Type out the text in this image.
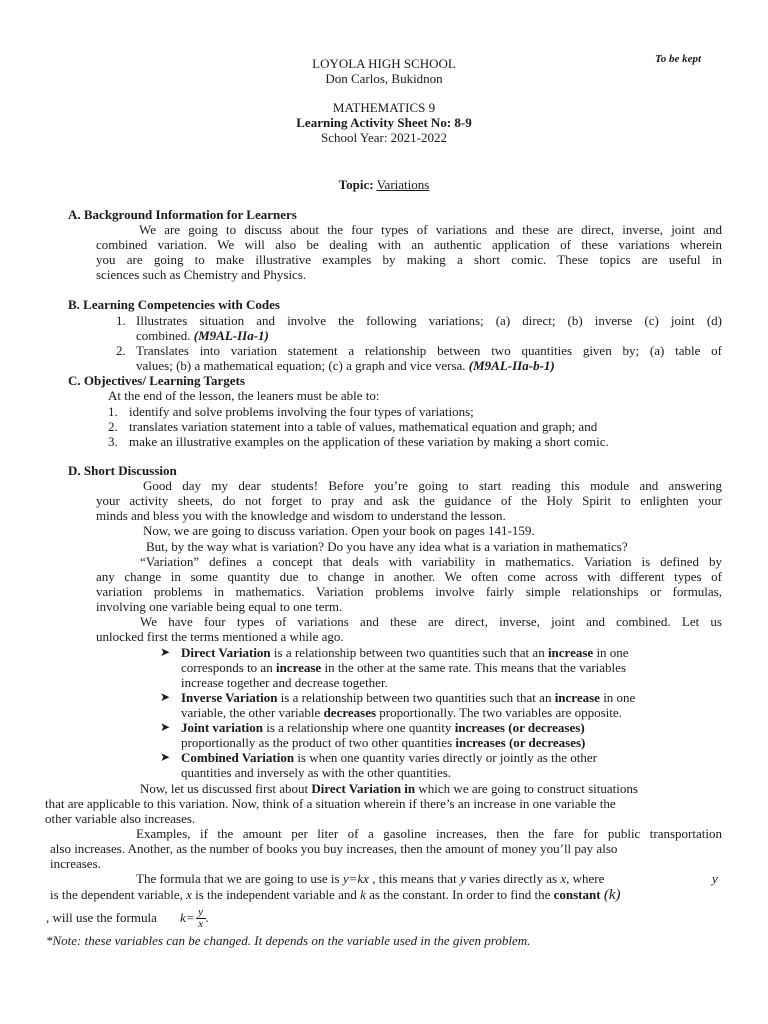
To be kept
LOYOLA HIGH SCHOOL
Don Carlos, Bukidnon
MATHEMATICS 9
Learning Activity Sheet No: 8-9
School Year: 2021-2022
Topic: Variations
A. Background Information for Learners
We are going to discuss about the four types of variations and these are direct, inverse, joint and
combined variation. We will also be dealing with an authentic application of these variations wherein
you are going to make illustrative examples by making a short comic. These topics are useful in
sciences such as Chemistry and Physics.
B. Learning Competencies with Codes
1. Illustrates situation and involve the following variations; (a) direct; (b) inverse (c) joint (d)
combined. (M9AL-IIa-1)
2. Translates into variation statement a relationship between two quantities given by; (a) table of
values; (b) a mathematical equation; (c) a graph and vice versa. (M9AL-IIa-b-1)
C. Objectives/ Learning Targets
At the end of the lesson, the leaners must be able to:
1. identify and solve problems involving the four types of variations;
2. translates variation statement into a table of values, mathematical equation and graph; and
3. make an illustrative examples on the application of these variation by making a short comic.
D. Short Discussion
Good day my dear students! Before you’re going to start reading this module and answering
your activity sheets, do not forget to pray and ask the guidance of the Holy Spirit to enlighten your
minds and bless you with the knowledge and wisdom to understand the lesson.
Now, we are going to discuss variation. Open your book on pages 141-159.
But, by the way what is variation? Do you have any idea what is a variation in mathematics?
“Variation” defines a concept that deals with variability in mathematics. Variation is defined by
any change in some quantity due to change in another. We often come across with different types of
variation problems in mathematics. Variation problems involve fairly simple relationships or formulas,
involving one variable being equal to one term.
We have four types of variations and these are direct, inverse, joint and combined. Let us
unlocked first the terms mentioned a while ago.
➤ Direct Variation is a relationship between two quantities such that an increase in one
corresponds to an increase in the other at the same rate. This means that the variables
increase together and decrease together.
➤ Inverse Variation is a relationship between two quantities such that an increase in one
variable, the other variable decreases proportionally. The two variables are opposite.
➤ Joint variation is a relationship where one quantity increases (or decreases)
proportionally as the product of two other quantities increases (or decreases)
➤ Combined Variation is when one quantity varies directly or jointly as the other
quantities and inversely as with the other quantities.
Now, let us discussed first about Direct Variation in which we are going to construct situations
that are applicable to this variation. Now, think of a situation wherein if there’s an increase in one variable the
other variable also increases.
Examples, if the amount per liter of a gasoline increases, then the fare for public transportation
also increases. Another, as the number of books you buy increases, then the amount of money you’ll pay also
increases.
The formula that we are going to use is y=kx , this means that y varies directly as x, where	y
is the dependent variable, x is the independent variable and k as the constant. In order to find the constant (k)
, will use the formula k= y
x .
*Note: these variables can be changed. It depends on the variable used in the given problem.
